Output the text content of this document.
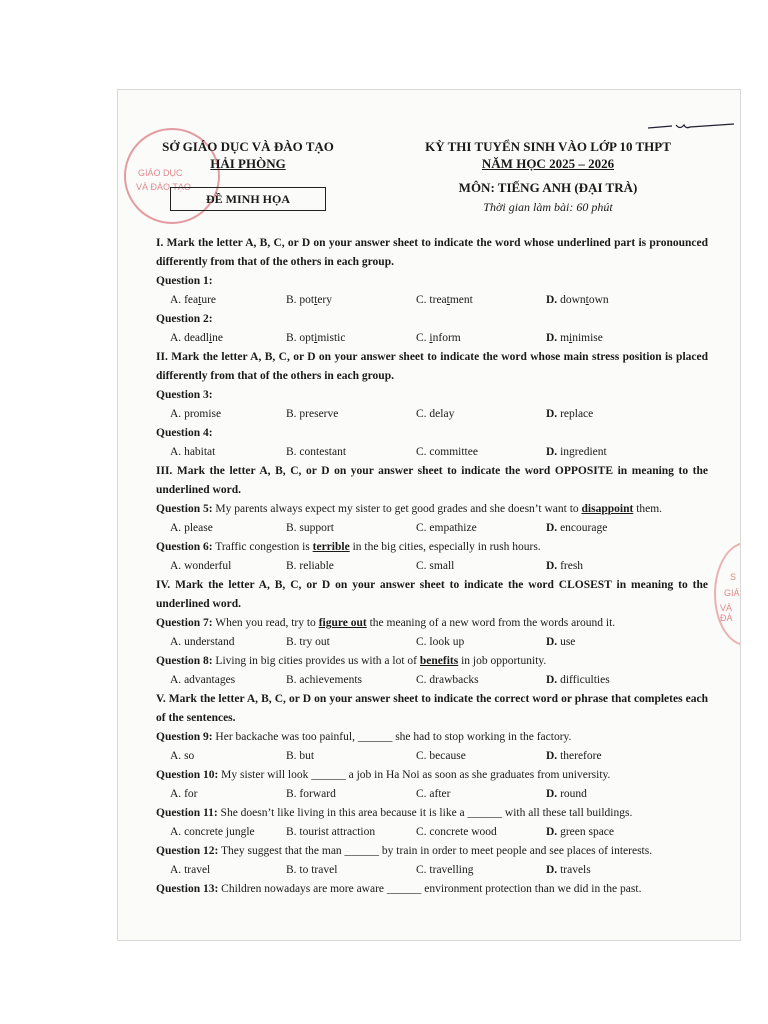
GIÁO DỤC
VÀ ĐÀO TẠO
S
GIÁ
VÀ ĐÀ
SỞ GIÁO DỤC VÀ ĐÀO TẠO
HẢI PHÒNG
ĐỀ MINH HỌA
KỲ THI TUYỂN SINH VÀO LỚP 10 THPT
NĂM HỌC 2025 – 2026
MÔN: TIẾNG ANH (ĐẠI TRÀ)
Thời gian làm bài: 60 phút
I. Mark the letter A, B, C, or D on your answer sheet to indicate the word whose underlined part is pronounced differently from that of the others in each group.
Question 1:
A. feature	B. pottery	C. treatment	D. downtown
Question 2:
A. deadline	B. optimistic	C. inform	D. minimise
II. Mark the letter A, B, C, or D on your answer sheet to indicate the word whose main stress position is placed differently from that of the others in each group.
Question 3:
A. promise	B. preserve	C. delay	D. replace
Question 4:
A. habitat	B. contestant	C. committee	D. ingredient
III. Mark the letter A, B, C, or D on your answer sheet to indicate the word OPPOSITE in meaning to the underlined word.
Question 5: My parents always expect my sister to get good grades and she doesn’t want to disappoint them.
A. please	B. support	C. empathize	D. encourage
Question 6: Traffic congestion is terrible in the big cities, especially in rush hours.
A. wonderful	B. reliable	C. small	D. fresh
IV. Mark the letter A, B, C, or D on your answer sheet to indicate the word CLOSEST in meaning to the underlined word.
Question 7: When you read, try to figure out the meaning of a new word from the words around it.
A. understand	B. try out	C. look up	D. use
Question 8: Living in big cities provides us with a lot of benefits in job opportunity.
A. advantages	B. achievements	C. drawbacks	D. difficulties
V. Mark the letter A, B, C, or D on your answer sheet to indicate the correct word or phrase that completes each of the sentences.
Question 9: Her backache was too painful, ______ she had to stop working in the factory.
A. so	B. but	C. because	D. therefore
Question 10: My sister will look ______ a job in Ha Noi as soon as she graduates from university.
A. for	B. forward	C. after	D. round
Question 11: She doesn’t like living in this area because it is like a ______ with all these tall buildings.
A. concrete jungle	B. tourist attraction	C. concrete wood	D. green space
Question 12: They suggest that the man ______ by train in order to meet people and see places of interests.
A. travel	B. to travel	C. travelling	D. travels
Question 13: Children nowadays are more aware ______ environment protection than we did in the past.
